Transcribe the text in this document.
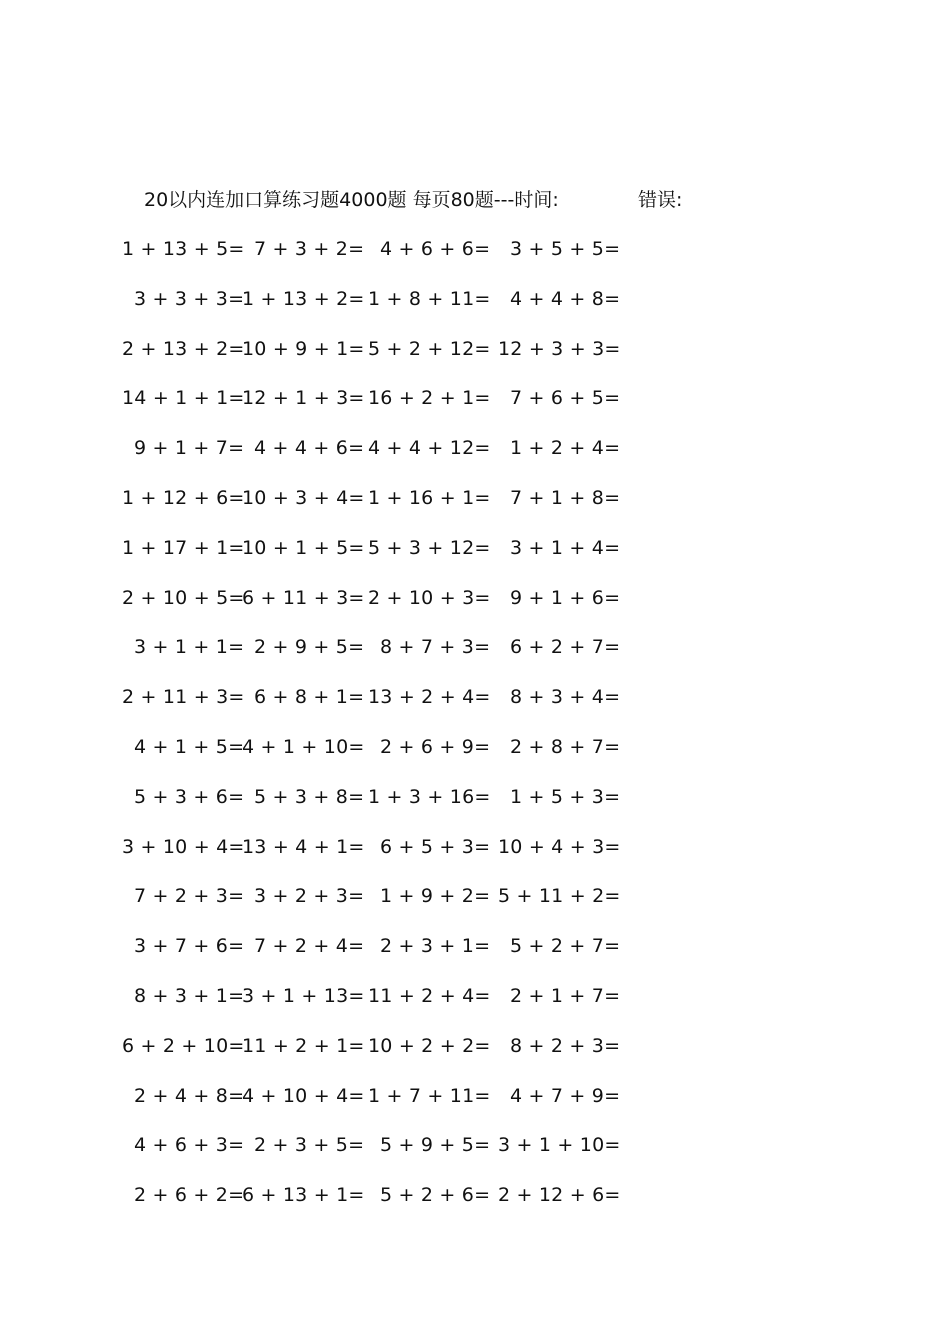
20以内连加口算练习题4000题 每页80题---时间:	错误:
1 + 13 + 5= 7 + 3 + 2= 4 + 6 + 6= 3 + 5 + 5=
3 + 3 + 3=
1 + 13 + 2= 1 + 8 + 11= 4 + 4 + 8=
2 + 13 + 2=
10 + 9 + 1= 5 + 2 + 12= 12 + 3 + 3=
14 + 1 + 1=
12 + 1 + 3= 16 + 2 + 1= 7 + 6 + 5=
9 + 1 + 7= 4 + 4 + 6= 4 + 4 + 12= 1 + 2 + 4=
1 + 12 + 6=
10 + 3 + 4= 1 + 16 + 1= 7 + 1 + 8=
1 + 17 + 1=
10 + 1 + 5= 5 + 3 + 12= 3 + 1 + 4=
2 + 10 + 5=
6 + 11 + 3= 2 + 10 + 3= 9 + 1 + 6=
3 + 1 + 1= 2 + 9 + 5= 8 + 7 + 3= 6 + 2 + 7=
2 + 11 + 3= 6 + 8 + 1= 13 + 2 + 4= 8 + 3 + 4=
4 + 1 + 5=
4 + 1 + 10= 2 + 6 + 9= 2 + 8 + 7=
5 + 3 + 6= 5 + 3 + 8= 1 + 3 + 16= 1 + 5 + 3=
3 + 10 + 4=
13 + 4 + 1= 6 + 5 + 3= 10 + 4 + 3=
7 + 2 + 3= 3 + 2 + 3= 1 + 9 + 2= 5 + 11 + 2=
3 + 7 + 6= 7 + 2 + 4= 2 + 3 + 1= 5 + 2 + 7=
8 + 3 + 1=
3 + 1 + 13= 11 + 2 + 4= 2 + 1 + 7=
6 + 2 + 10=
11 + 2 + 1= 10 + 2 + 2= 8 + 2 + 3=
2 + 4 + 8=
4 + 10 + 4= 1 + 7 + 11= 4 + 7 + 9=
4 + 6 + 3= 2 + 3 + 5= 5 + 9 + 5= 3 + 1 + 10=
2 + 6 + 2=
6 + 13 + 1= 5 + 2 + 6= 2 + 12 + 6=
